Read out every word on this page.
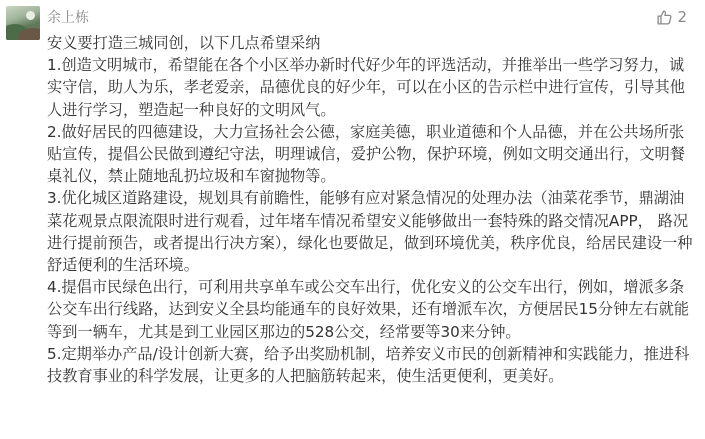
余上栋	2

安义要打造三城同创，以下几点希望采纳

1.创造文明城市，希望能在各个小区举办新时代好少年的评选活动，并推举出一些学习努力，诚实守信，助人为乐，孝老爱亲，品德优良的好少年，可以在小区的告示栏中进行宣传，引导其他人进行学习，塑造起一种良好的文明风气。

2.做好居民的四德建设，大力宣扬社会公德，家庭美德，职业道德和个人品德，并在公共场所张贴宣传，提倡公民做到遵纪守法，明理诚信，爱护公物，保护环境，例如文明交通出行，文明餐桌礼仪，禁止随地乱扔垃圾和车窗抛物等。

3.优化城区道路建设，规划具有前瞻性，能够有应对紧急情况的处理办法（油菜花季节，鼎湖油菜花观景点限流限时进行观看，过年堵车情况希望安义能够做出一套特殊的路交情况APP， 路况进行提前预告，或者提出行决方案），绿化也要做足，做到环境优美，秩序优良，给居民建设一种舒适便利的生活环境。

4.提倡市民绿色出行，可利用共享单车或公交车出行，优化安义的公交车出行，例如，增派多条公交车出行线路，达到安义全县均能通车的良好效果，还有增派车次，方便居民15分钟左右就能等到一辆车，尤其是到工业园区那边的528公交，经常要等30来分钟。

5.定期举办产品/设计创新大赛，给予出奖励机制，培养安义市民的创新精神和实践能力，推进科技教育事业的科学发展，让更多的人把脑筋转起来，使生活更便利，更美好。
